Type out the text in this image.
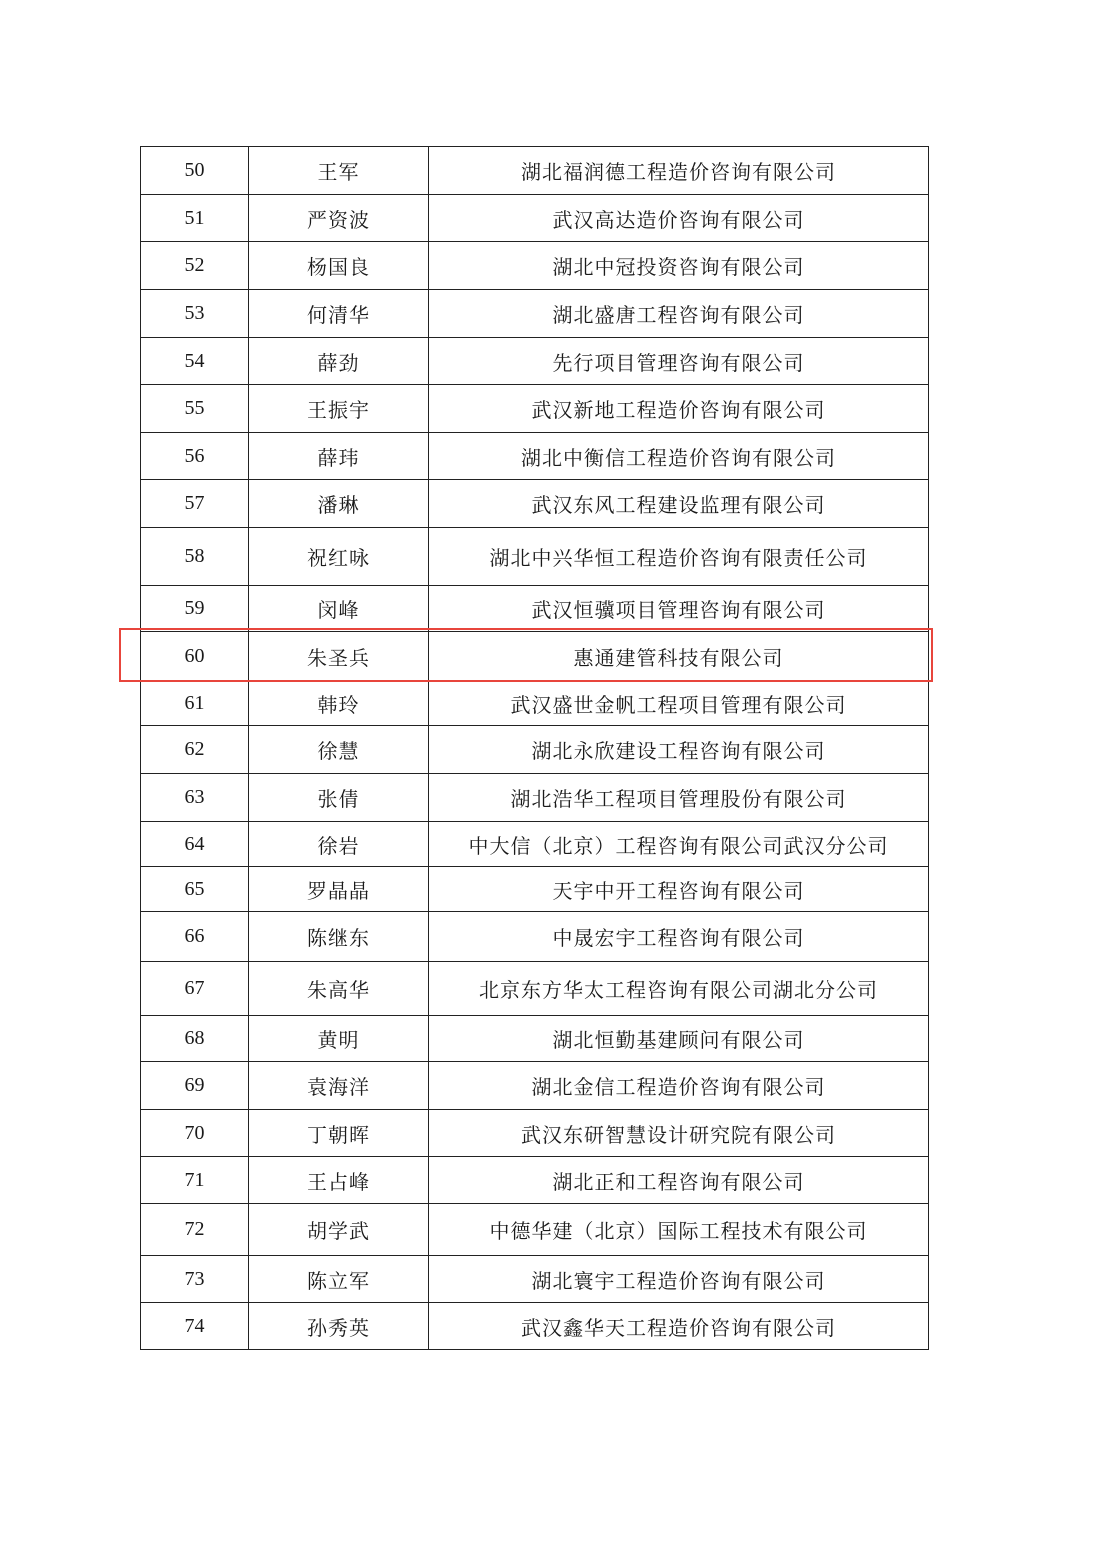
50	王军	湖北福润德工程造价咨询有限公司
51	严资波	武汉高达造价咨询有限公司
52	杨国良	湖北中冠投资咨询有限公司
53	何清华	湖北盛唐工程咨询有限公司
54	薛劲	先行项目管理咨询有限公司
55	王振宇	武汉新地工程造价咨询有限公司
56	薛玮	湖北中衡信工程造价咨询有限公司
57	潘琳	武汉东风工程建设监理有限公司
58	祝红咏	湖北中兴华恒工程造价咨询有限责任公司
59	闵峰	武汉恒骥项目管理咨询有限公司
60	朱圣兵	惠通建管科技有限公司
61	韩玲	武汉盛世金帆工程项目管理有限公司
62	徐慧	湖北永欣建设工程咨询有限公司
63	张倩	湖北浩华工程项目管理股份有限公司
64	徐岩	中大信（北京）工程咨询有限公司武汉分公司
65	罗晶晶	天宇中开工程咨询有限公司
66	陈继东	中晟宏宇工程咨询有限公司
67	朱高华	北京东方华太工程咨询有限公司湖北分公司
68	黄明	湖北恒勤基建顾问有限公司
69	袁海洋	湖北金信工程造价咨询有限公司
70	丁朝晖	武汉东研智慧设计研究院有限公司
71	王占峰	湖北正和工程咨询有限公司
72	胡学武	中德华建（北京）国际工程技术有限公司
73	陈立军	湖北寰宇工程造价咨询有限公司
74	孙秀英	武汉鑫华天工程造价咨询有限公司
